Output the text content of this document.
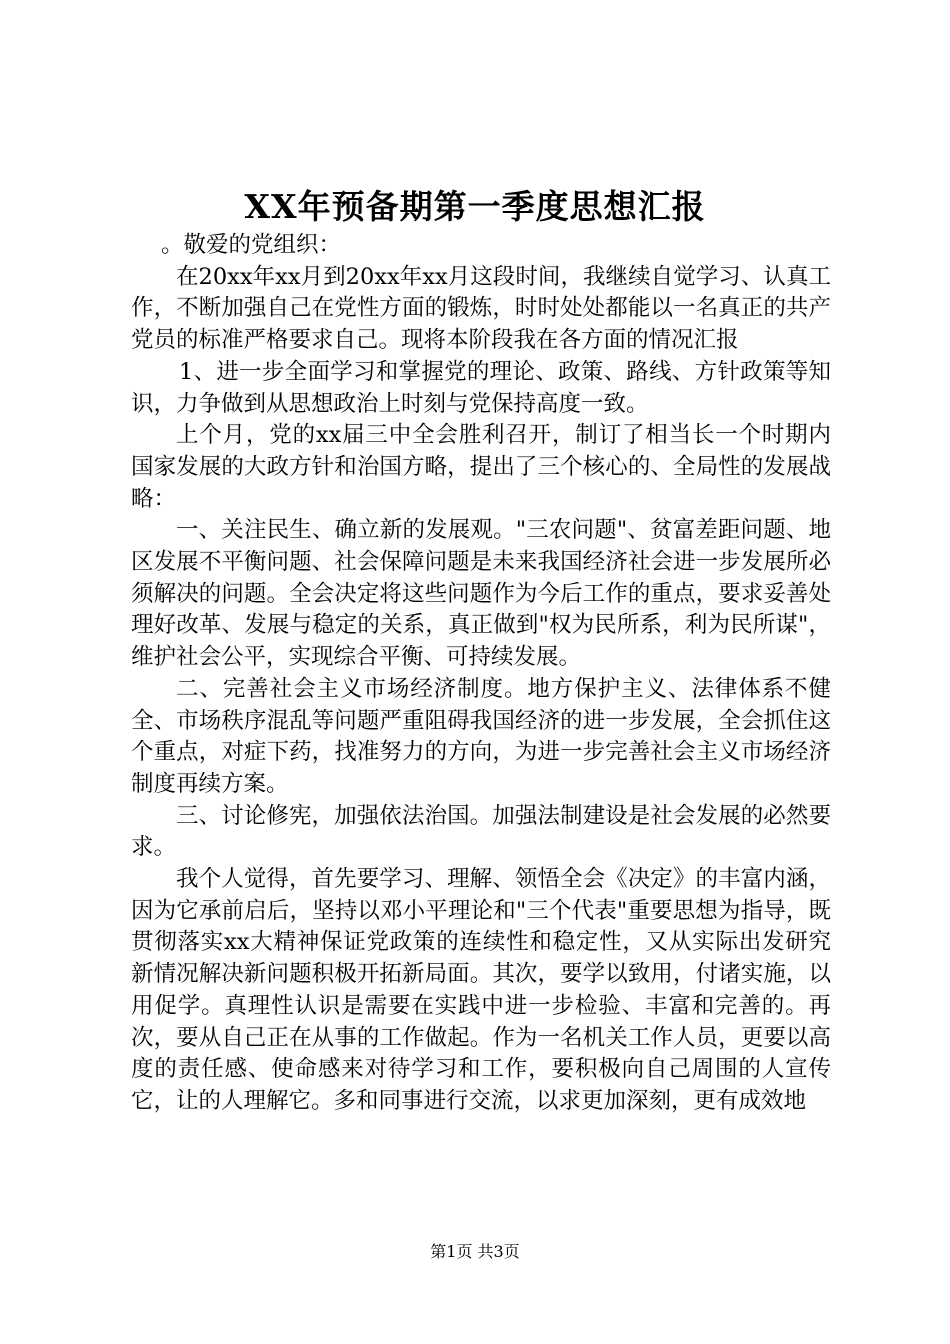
XX年预备期第一季度思想汇报

。敬爱的党组织：

在20xx年xx月到20xx年xx月这段时间，我继续自觉学习、认真工作，不断加强自己在党性方面的锻炼，时时处处都能以一名真正的共产党员的标准严格要求自己。现将本阶段我在各方面的情况汇报

1、进一步全面学习和掌握党的理论、政策、路线、方针政策等知识，力争做到从思想政治上时刻与党保持高度一致。

上个月，党的xx届三中全会胜利召开，制订了相当长一个时期内国家发展的大政方针和治国方略，提出了三个核心的、全局性的发展战略：

一、关注民生、确立新的发展观。"三农问题"、贫富差距问题、地区发展不平衡问题、社会保障问题是未来我国经济社会进一步发展所必须解决的问题。全会决定将这些问题作为今后工作的重点，要求妥善处理好改革、发展与稳定的关系，真正做到"权为民所系，利为民所谋"，维护社会公平，实现综合平衡、可持续发展。

二、完善社会主义市场经济制度。地方保护主义、法律体系不健全、市场秩序混乱等问题严重阻碍我国经济的进一步发展，全会抓住这个重点，对症下药，找准努力的方向，为进一步完善社会主义市场经济制度再续方案。

三、讨论修宪，加强依法治国。加强法制建设是社会发展的必然要求。

我个人觉得，首先要学习、理解、领悟全会《决定》的丰富内涵，因为它承前启后，坚持以邓小平理论和"三个代表"重要思想为指导，既贯彻落实xx大精神保证党政策的连续性和稳定性，又从实际出发研究新情况解决新问题积极开拓新局面。其次，要学以致用，付诸实施，以用促学。真理性认识是需要在实践中进一步检验、丰富和完善的。再次，要从自己正在从事的工作做起。作为一名机关工作人员，更要以高度的责任感、使命感来对待学习和工作，要积极向自己周围的人宣传它，让的人理解它。多和同事进行交流，以求更加深刻，更有成效地

第1页 共3页
